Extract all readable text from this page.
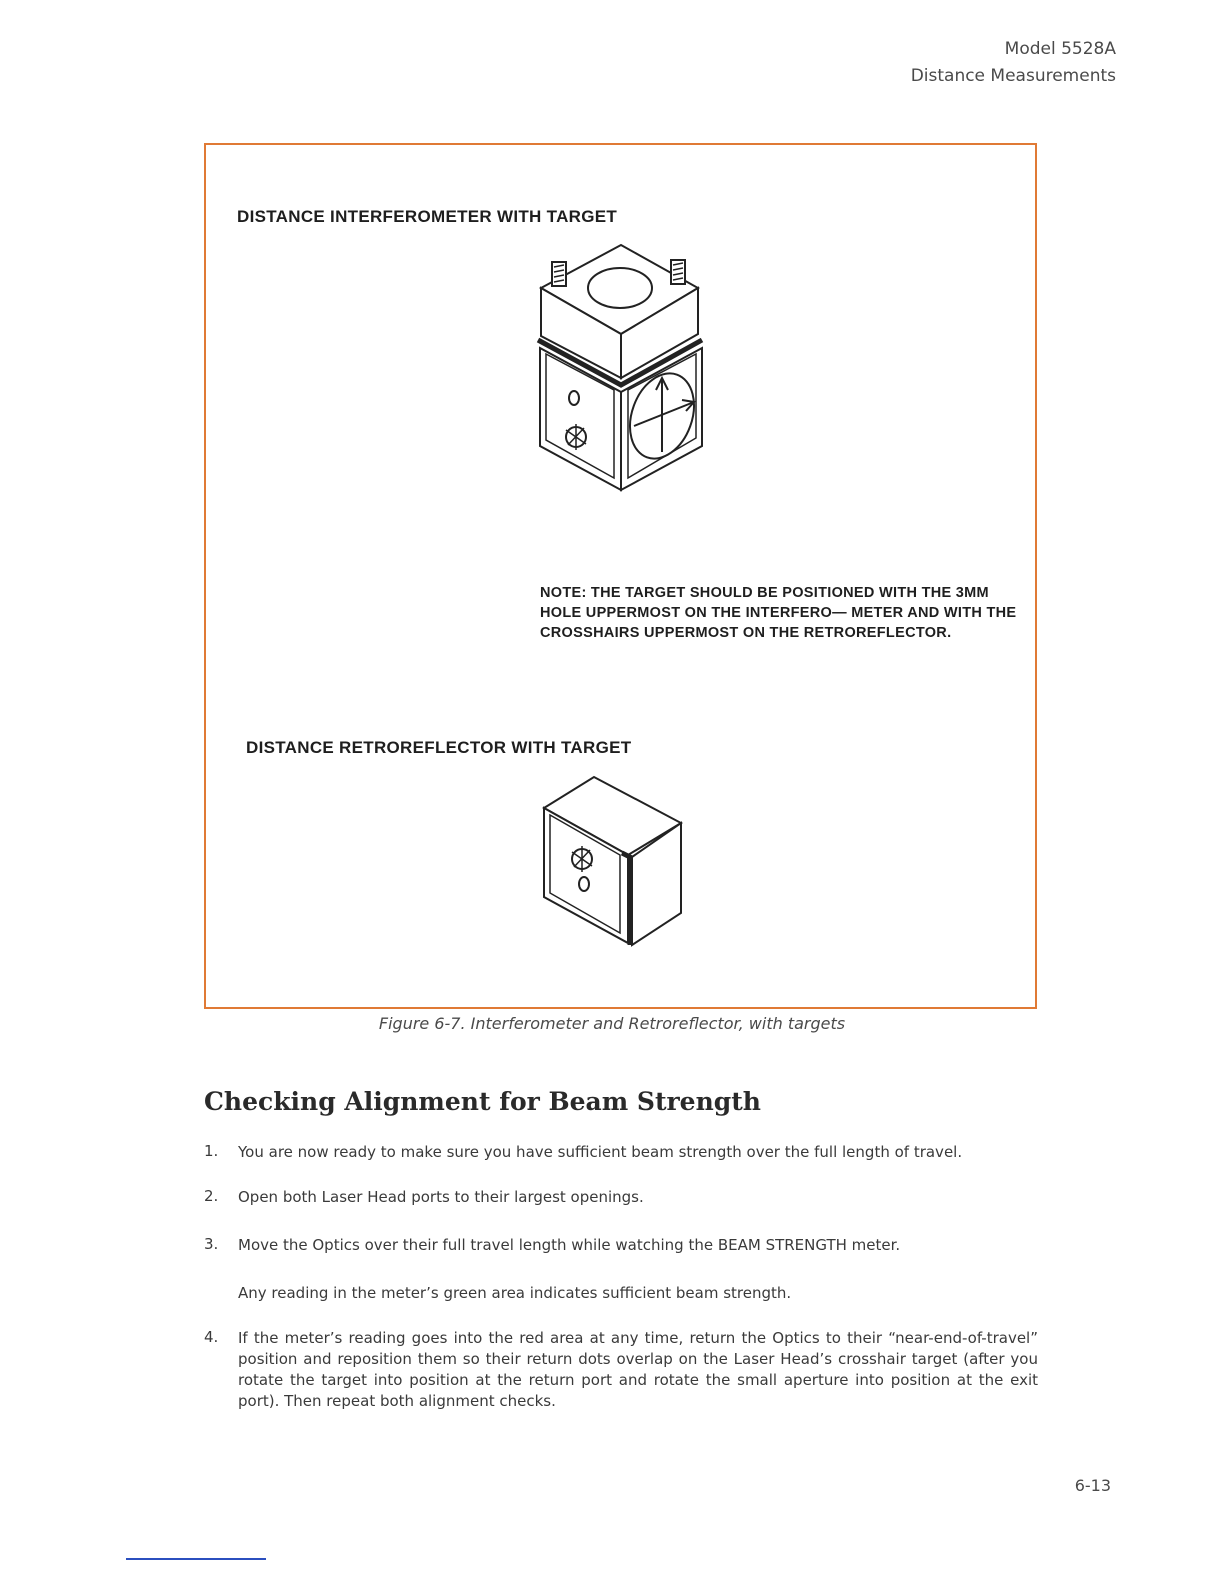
Model 5528A
Distance Measurements
DISTANCE INTERFEROMETER WITH TARGET
NOTE: THE TARGET SHOULD BE POSITIONED WITH THE 3MM HOLE UPPERMOST ON THE INTERFERO— METER AND WITH THE CROSSHAIRS UPPERMOST ON THE RETROREFLECTOR.
DISTANCE RETROREFLECTOR WITH TARGET
Figure 6-7. Interferometer and Retroreflector, with targets
Checking Alignment for Beam Strength
1.	You are now ready to make sure you have sufficient beam strength over the full length of travel.
2.	Open both Laser Head ports to their largest openings.
3.	Move the Optics over their full travel length while watching the BEAM STRENGTH meter.
Any reading in the meter’s green area indicates sufficient beam strength.
4.	If the meter’s reading goes into the red area at any time, return the Optics to their “near-end-of-travel” position and reposition them so their return dots overlap on the Laser Head’s crosshair target (after you rotate the target into position at the return port and rotate the small aperture into position at the exit port). Then repeat both alignment checks.
6-13
